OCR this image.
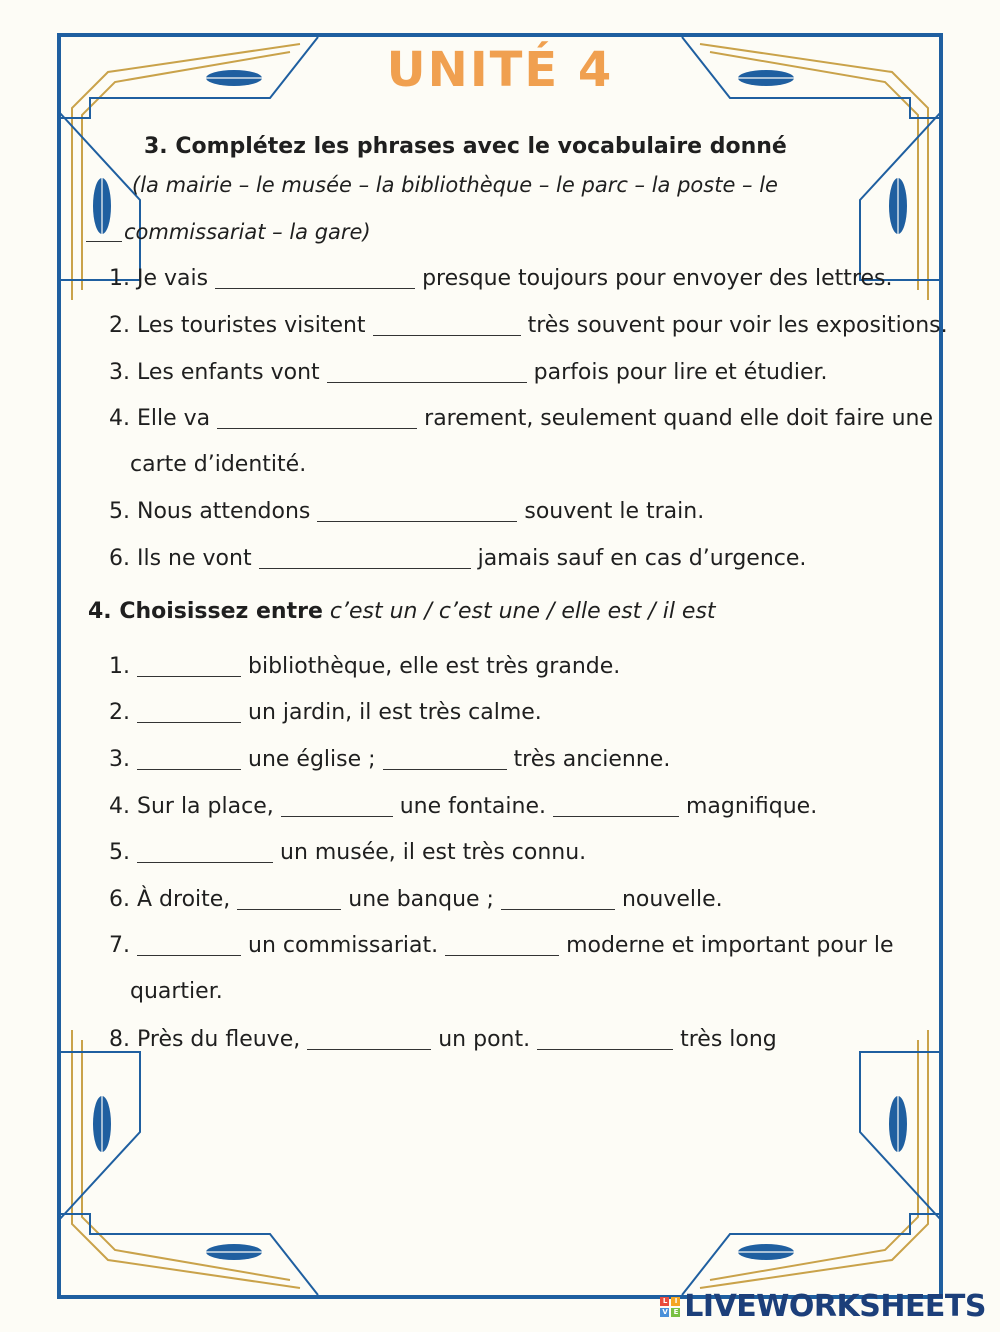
UNITÉ 4
3. Complétez les phrases avec le vocabulaire donné
(la mairie – le musée – la bibliothèque – le parc – la poste – le
commissariat – la gare)
1. Je vais	presque toujours pour envoyer des lettres.
2. Les touristes visitent	très souvent pour voir les expositions.
3. Les enfants vont	parfois pour lire et étudier.
4. Elle va	rarement, seulement quand elle doit faire une
carte d’identité.
5. Nous attendons	souvent le train.
6. Ils ne vont	jamais sauf en cas d’urgence.
4. Choisissez entre c’est un / c’est une / elle est / il est
1.	bibliothèque, elle est très grande.
2.	un jardin, il est très calme.
3.	une église ;	très ancienne.
4. Sur la place,	une fontaine.	magnifique.
5.	un musée, il est très connu.
6. À droite,	une banque ;	nouvelle.
7.	un commissariat.	moderne et important pour le
quartier.
8. Près du fleuve,	un pont.	très long
L	I
V E LIVEWORKSHEETS
